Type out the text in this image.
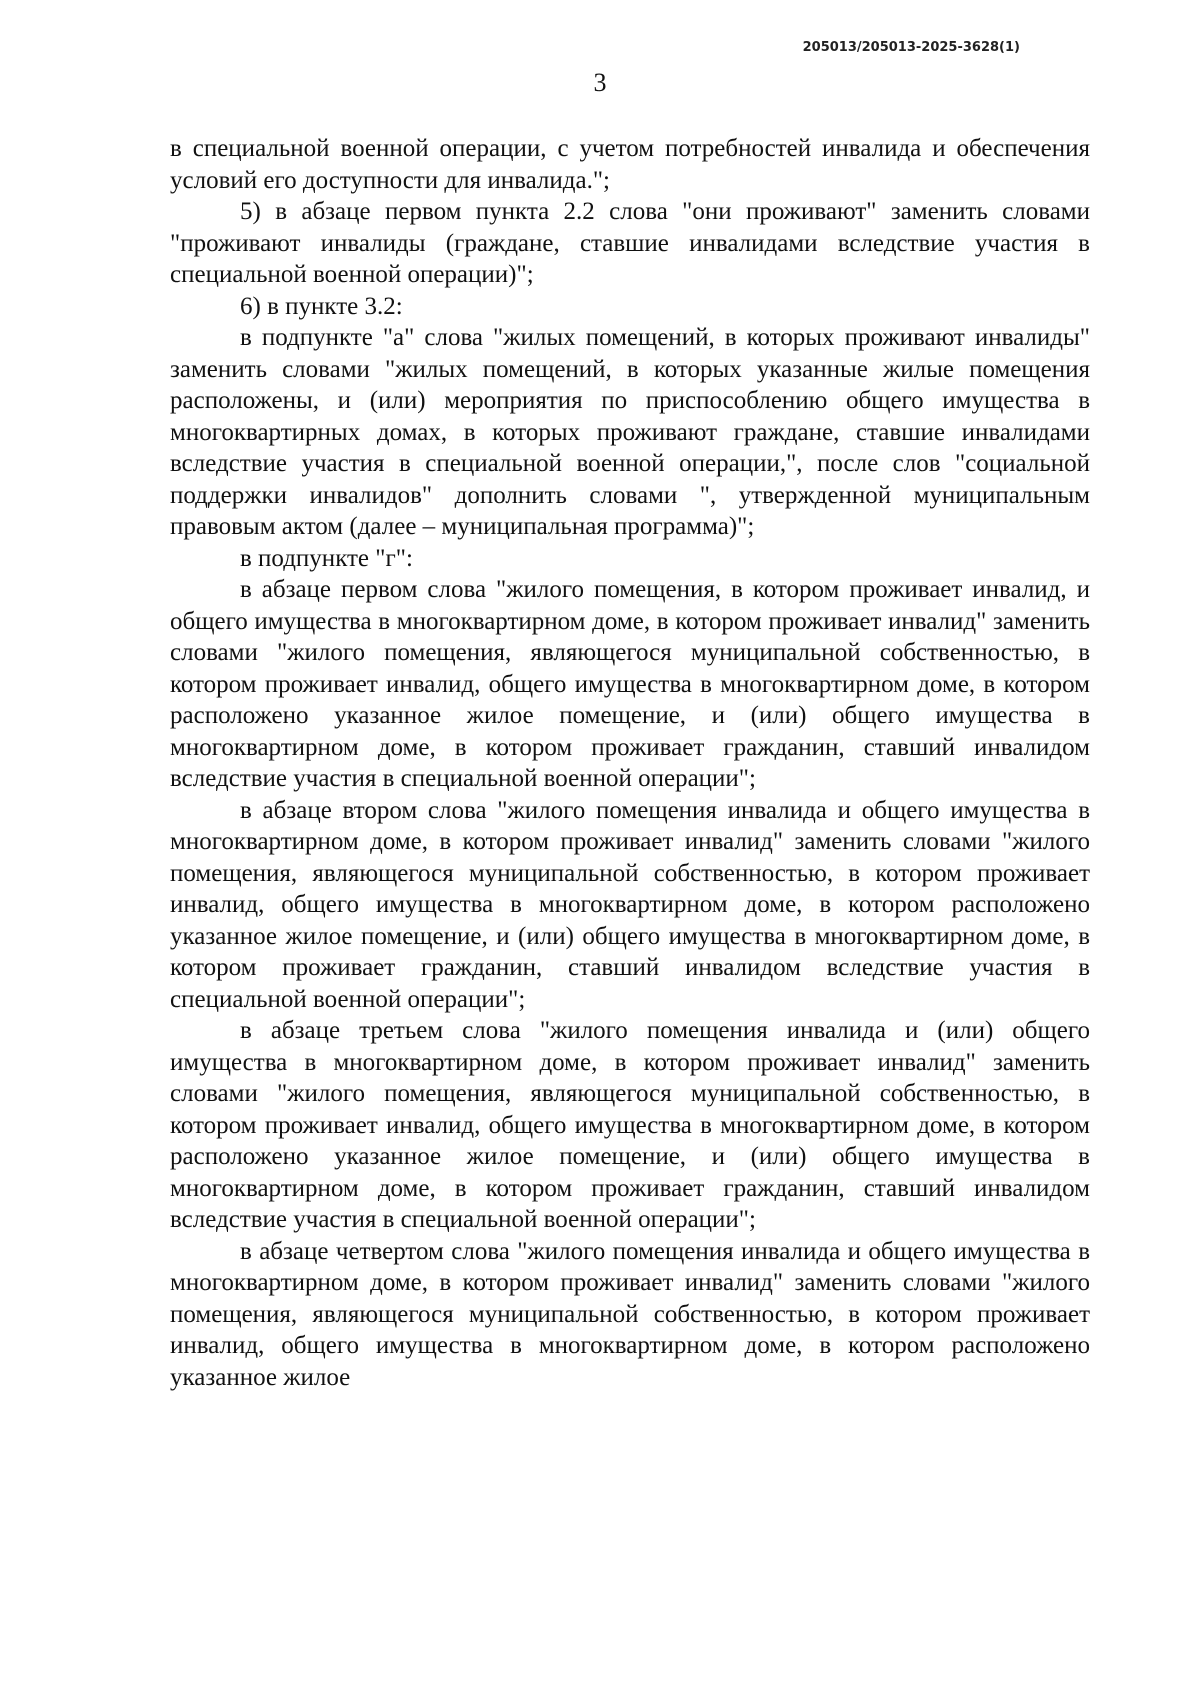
205013/205013-2025-3628(1)
3

в специальной военной операции, с учетом потребностей инвалида и обеспечения условий его доступности для инвалида.";

5) в абзаце первом пункта 2.2 слова "они проживают" заменить словами "проживают инвалиды (граждане, ставшие инвалидами вследствие участия в специальной военной операции)";

6) в пункте 3.2:

в подпункте "а" слова "жилых помещений, в которых проживают инвалиды" заменить словами "жилых помещений, в которых указанные жилые помещения расположены, и (или) мероприятия по приспособлению общего имущества в многоквартирных домах, в которых проживают граждане, ставшие инвалидами вследствие участия в специальной военной операции,", после слов "социальной поддержки инвалидов" дополнить словами ", утвержденной муниципальным правовым актом (далее – муниципальная программа)";

в подпункте "г":

в абзаце первом слова "жилого помещения, в котором проживает инвалид, и общего имущества в многоквартирном доме, в котором проживает инвалид" заменить словами "жилого помещения, являющегося муниципальной собственностью, в котором проживает инвалид, общего имущества в многоквартирном доме, в котором расположено указанное жилое помещение, и (или) общего имущества в многоквартирном доме, в котором проживает гражданин, ставший инвалидом вследствие участия в специальной военной операции";

в абзаце втором слова "жилого помещения инвалида и общего имущества в многоквартирном доме, в котором проживает инвалид" заменить словами "жилого помещения, являющегося муниципальной собственностью, в котором проживает инвалид, общего имущества в многоквартирном доме, в котором расположено указанное жилое помещение, и (или) общего имущества в многоквартирном доме, в котором проживает гражданин, ставший инвалидом вследствие участия в специальной военной операции";

в абзаце третьем слова "жилого помещения инвалида и (или) общего имущества в многоквартирном доме, в котором проживает инвалид" заменить словами "жилого помещения, являющегося муниципальной собственностью, в котором проживает инвалид, общего имущества в многоквартирном доме, в котором расположено указанное жилое помещение, и (или) общего имущества в многоквартирном доме, в котором проживает гражданин, ставший инвалидом вследствие участия в специальной военной операции";

в абзаце четвертом слова "жилого помещения инвалида и общего имущества в многоквартирном доме, в котором проживает инвалид" заменить словами "жилого помещения, являющегося муниципальной собственностью, в котором проживает инвалид, общего имущества в многоквартирном доме, в котором расположено указанное жилое
